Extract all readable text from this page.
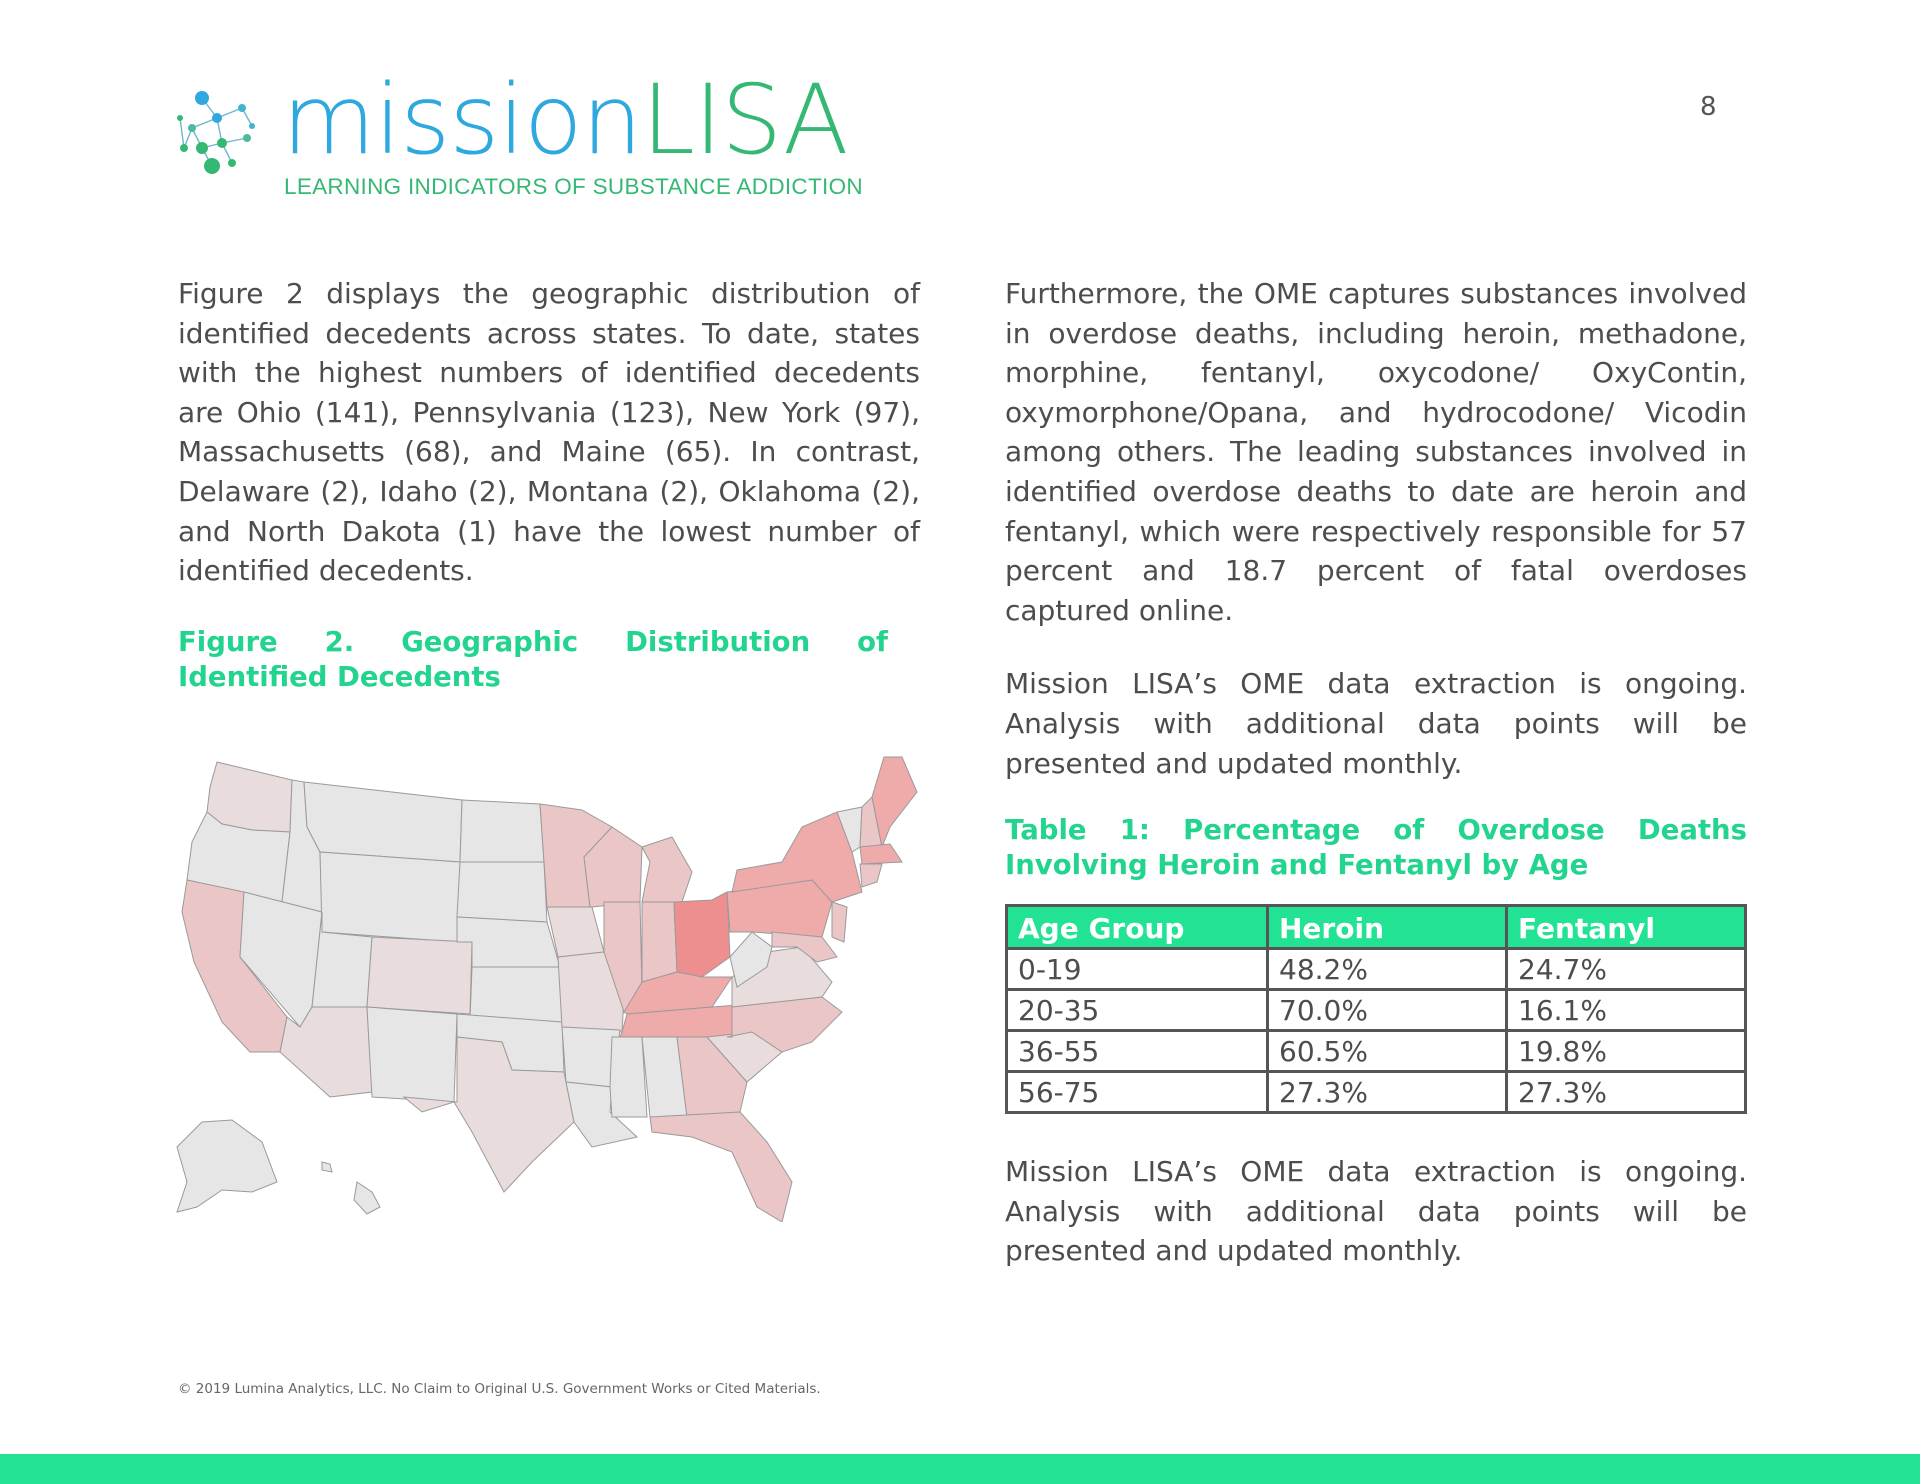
missionLISA
LEARNING INDICATORS OF SUBSTANCE ADDICTION
8

Figure 2 displays the geographic distribution of identified decedents across states. To date, states with the highest numbers of identified decedents are Ohio (141), Pennsylvania (123), New York (97), Massachusetts (68), and Maine (65). In contrast, Delaware (2), Idaho (2), Montana (2), Oklahoma (2), and North Dakota (1) have the lowest number of identified decedents.

Figure 2. Geographic Distribution of Identified Decedents

Furthermore, the OME captures substances involved in overdose deaths, including heroin, methadone, morphine, fentanyl, oxycodone/ OxyContin, oxymorphone/Opana, and hydrocodone/ Vicodin among others. The leading substances involved in identified overdose deaths to date are heroin and fentanyl, which were respectively responsible for 57 percent and 18.7 percent of fatal overdoses captured online.

Mission LISA’s OME data extraction is ongoing. Analysis with additional data points will be presented and updated monthly.

Table 1: Percentage of Overdose Deaths Involving Heroin and Fentanyl by Age

Age Group	Heroin	Fentanyl
0-19	48.2%	24.7%
20-35	70.0%	16.1%
36-55	60.5%	19.8%
56-75	27.3%	27.3%

Mission LISA’s OME data extraction is ongoing. Analysis with additional data points will be presented and updated monthly.

© 2019 Lumina Analytics, LLC. No Claim to Original U.S. Government Works or Cited Materials.
